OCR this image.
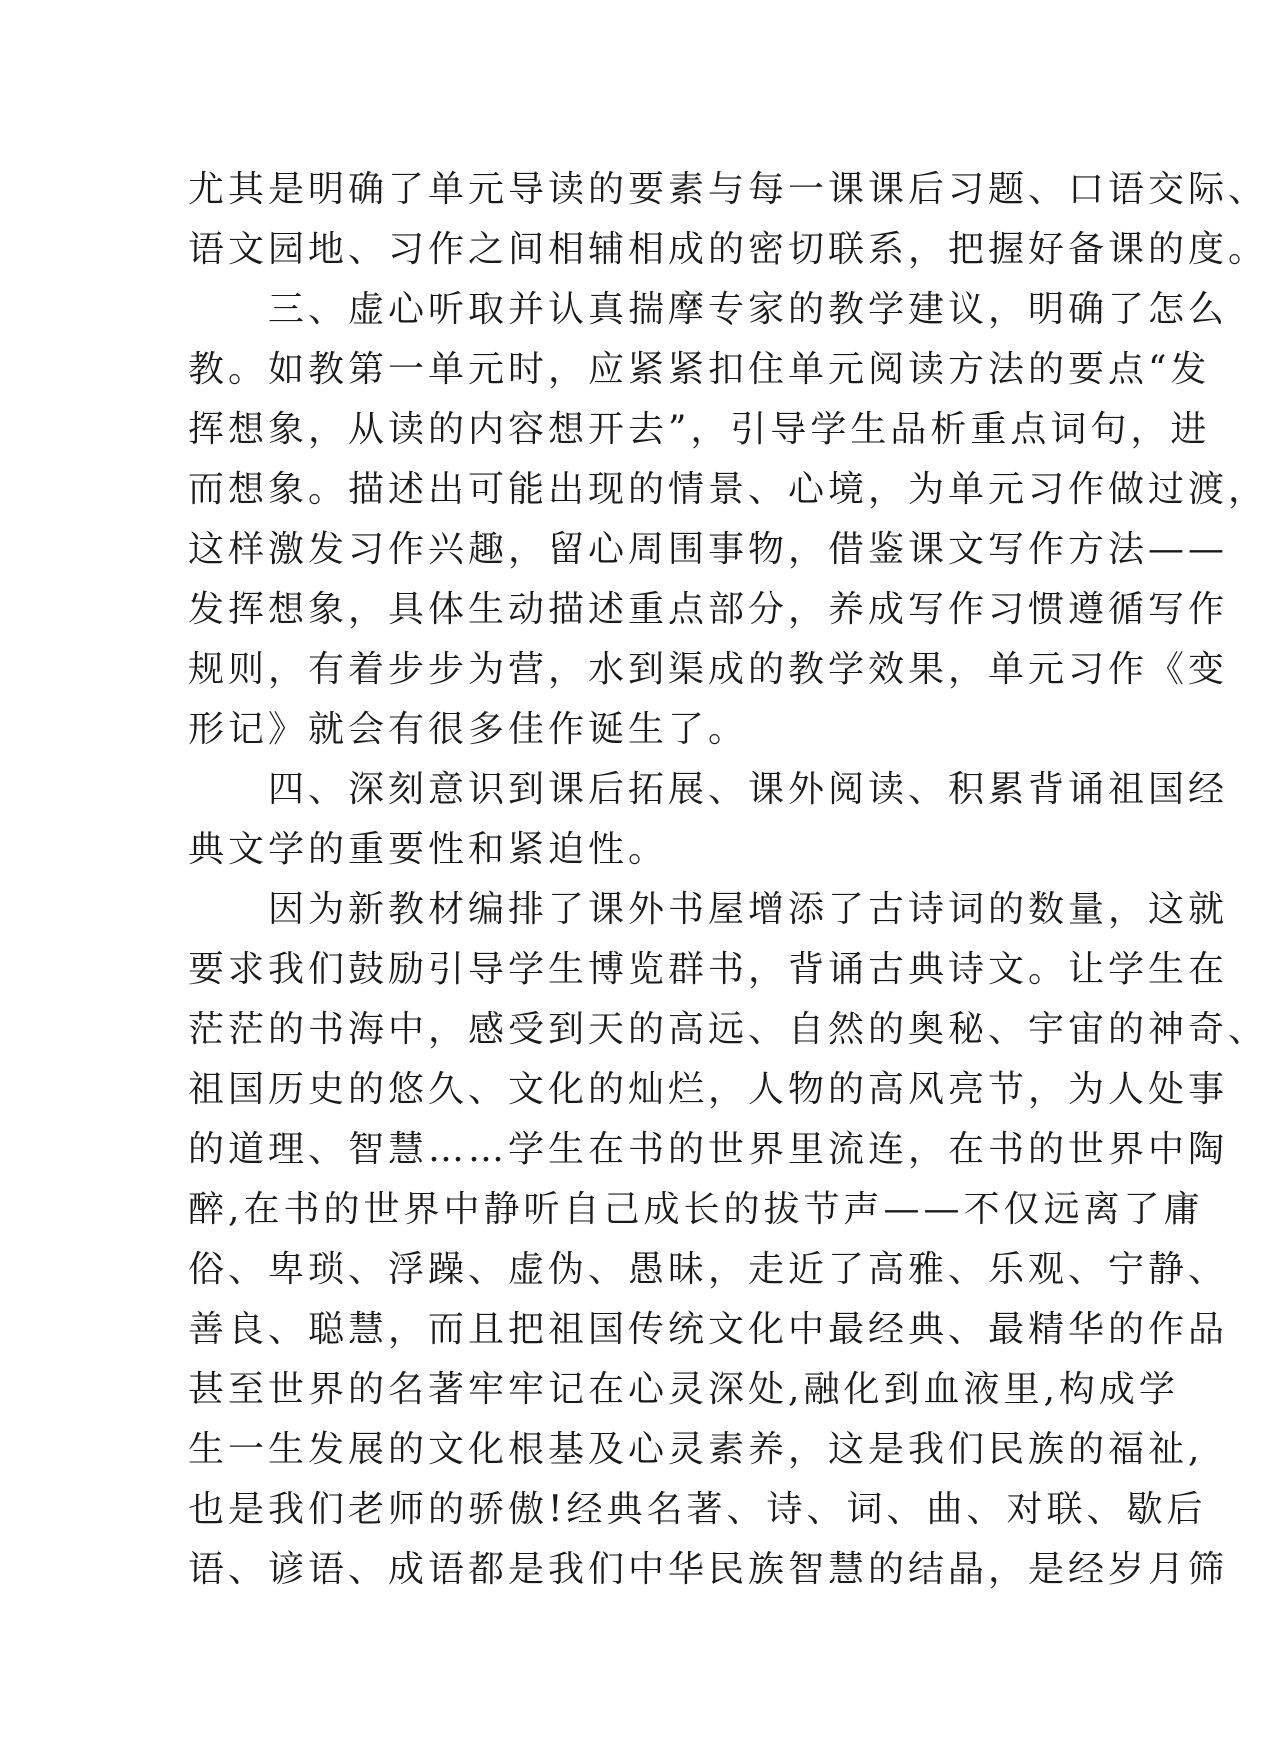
尤其是明确了单元导读的要素与每一课课后习题、口语交际、
语文园地、习作之间相辅相成的密切联系，把握好备课的度。
　　三、虚心听取并认真揣摩专家的教学建议，明确了怎么
教。如教第一单元时，应紧紧扣住单元阅读方法的要点“发
挥想象，从读的内容想开去”，引导学生品析重点词句，进
而想象。描述出可能出现的情景、心境，为单元习作做过渡，
这样激发习作兴趣，留心周围事物，借鉴课文写作方法——
发挥想象，具体生动描述重点部分，养成写作习惯遵循写作
规则，有着步步为营，水到渠成的教学效果，单元习作《变
形记》就会有很多佳作诞生了。
　　四、深刻意识到课后拓展、课外阅读、积累背诵祖国经
典文学的重要性和紧迫性。
　　因为新教材编排了课外书屋增添了古诗词的数量，这就
要求我们鼓励引导学生博览群书，背诵古典诗文。让学生在
茫茫的书海中，感受到天的高远、自然的奥秘、宇宙的神奇、
祖国历史的悠久、文化的灿烂，人物的高风亮节，为人处事
的道理、智慧……学生在书的世界里流连，在书的世界中陶
醉,在书的世界中静听自己成长的拔节声——不仅远离了庸
俗、卑琐、浮躁、虚伪、愚昧，走近了高雅、乐观、宁静、
善良、聪慧，而且把祖国传统文化中最经典、最精华的作品
甚至世界的名著牢牢记在心灵深处,融化到血液里,构成学
生一生发展的文化根基及心灵素养，这是我们民族的福祉,
也是我们老师的骄傲!经典名著、诗、词、曲、对联、歇后
语、谚语、成语都是我们中华民族智慧的结晶，是经岁月筛
